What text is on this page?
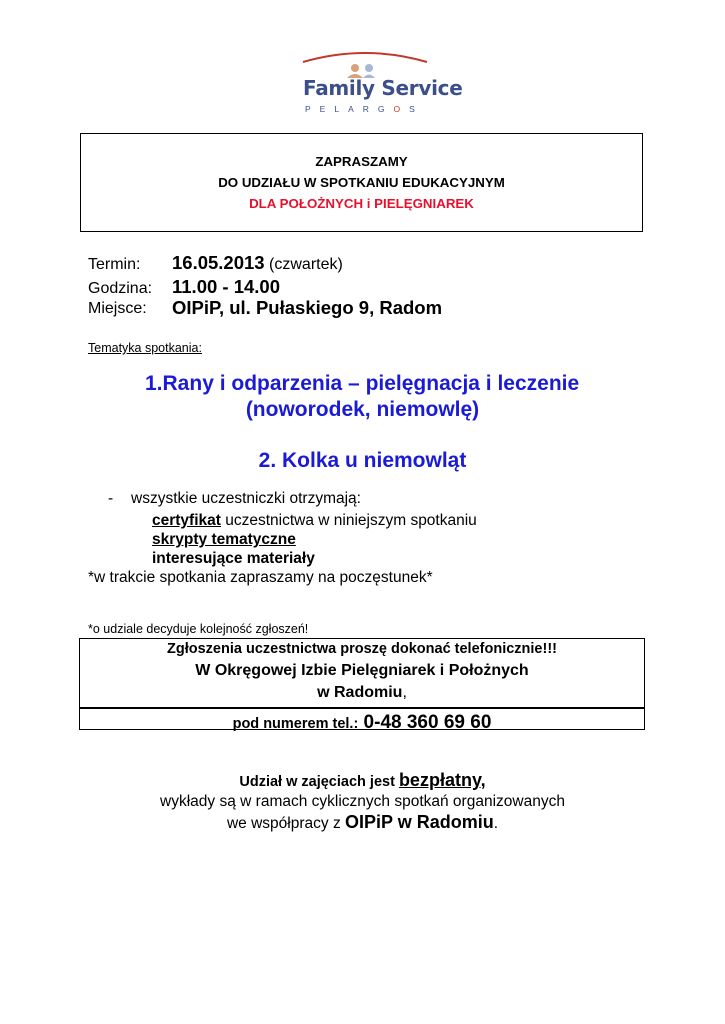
Family Service
PELARGOS
ZAPRASZAMY
DO UDZIAŁU W SPOTKANIU EDUKACYJNYM
DLA POŁOŻNYCH i PIELĘGNIAREK
Termin: 16.05.2013 (czwartek)
Godzina: 11.00 - 14.00
Miejsce: OIPiP, ul. Pułaskiego 9, Radom
Tematyka spotkania:
1.Rany i odparzenia – pielęgnacja i leczenie
(noworodek, niemowlę)
2. Kolka u niemowląt
- wszystkie uczestniczki otrzymają:
certyfikat uczestnictwa w niniejszym spotkaniu
skrypty tematyczne
interesujące materiały
*w trakcie spotkania zapraszamy na poczęstunek*
*o udziale decyduje kolejność zgłoszeń!
Zgłoszenia uczestnictwa proszę dokonać telefonicznie!!!
W Okręgowej Izbie Pielęgniarek i Położnych
w Radomiu,
pod numerem tel.: 0-48 360 69 60
Udział w zajęciach jest bezpłatny,
wykłady są w ramach cyklicznych spotkań organizowanych
we współpracy z OIPiP w Radomiu.
